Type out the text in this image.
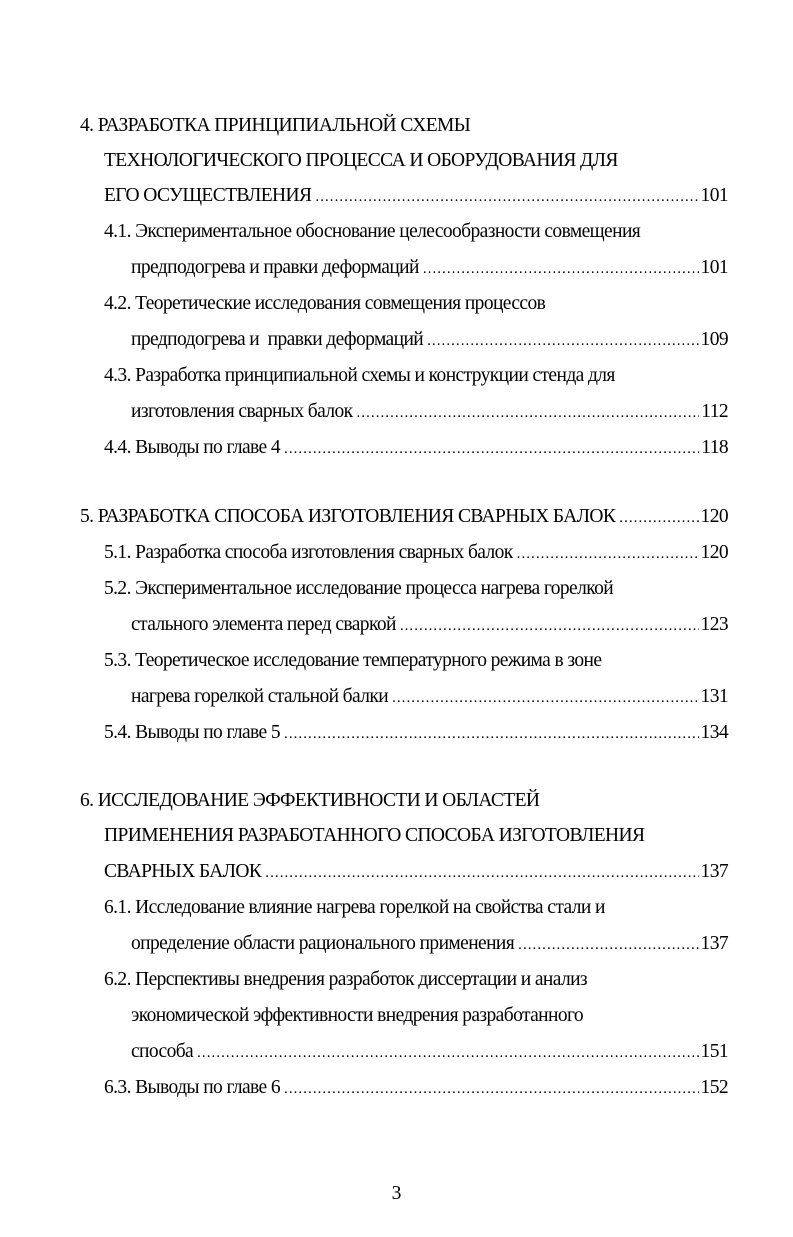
4. РАЗРАБОТКА ПРИНЦИПИАЛЬНОЙ СХЕМЫ
ТЕХНОЛОГИЧЕСКОГО ПРОЦЕССА И ОБОРУДОВАНИЯ ДЛЯ
ЕГО ОСУЩЕСТВЛЕНИЯ . . .	101
4.1. Экспериментальное обоснование целесообразности совмещения
предподогрева и правки деформаций . . .	101
4.2. Теоретические исследования совмещения процессов
предподогрева и  правки деформаций . . .	109
4.3. Разработка принципиальной схемы и конструкции стенда для
изготовления сварных балок . . .	112
4.4. Выводы по главе 4 . . .	118
5. РАЗРАБОТКА СПОСОБА ИЗГОТОВЛЕНИЯ СВАРНЫХ БАЛОК . . .	120
5.1. Разработка способа изготовления сварных балок . . .	120
5.2. Экспериментальное исследование процесса нагрева горелкой
стального элемента перед сваркой . . .	123
5.3. Теоретическое исследование температурного режима в зоне
нагрева горелкой стальной балки . . .	131
5.4. Выводы по главе 5 . . .	134
6. ИССЛЕДОВАНИЕ ЭФФЕКТИВНОСТИ И ОБЛАСТЕЙ
ПРИМЕНЕНИЯ РАЗРАБОТАННОГО СПОСОБА ИЗГОТОВЛЕНИЯ
СВАРНЫХ БАЛОК . . .	137
6.1. Исследование влияние нагрева горелкой на свойства стали и
определение области рационального применения . . .	137
6.2. Перспективы внедрения разработок диссертации и анализ
экономической эффективности внедрения разработанного
способа . . .	151
6.3. Выводы по главе 6 . . .	152
3
